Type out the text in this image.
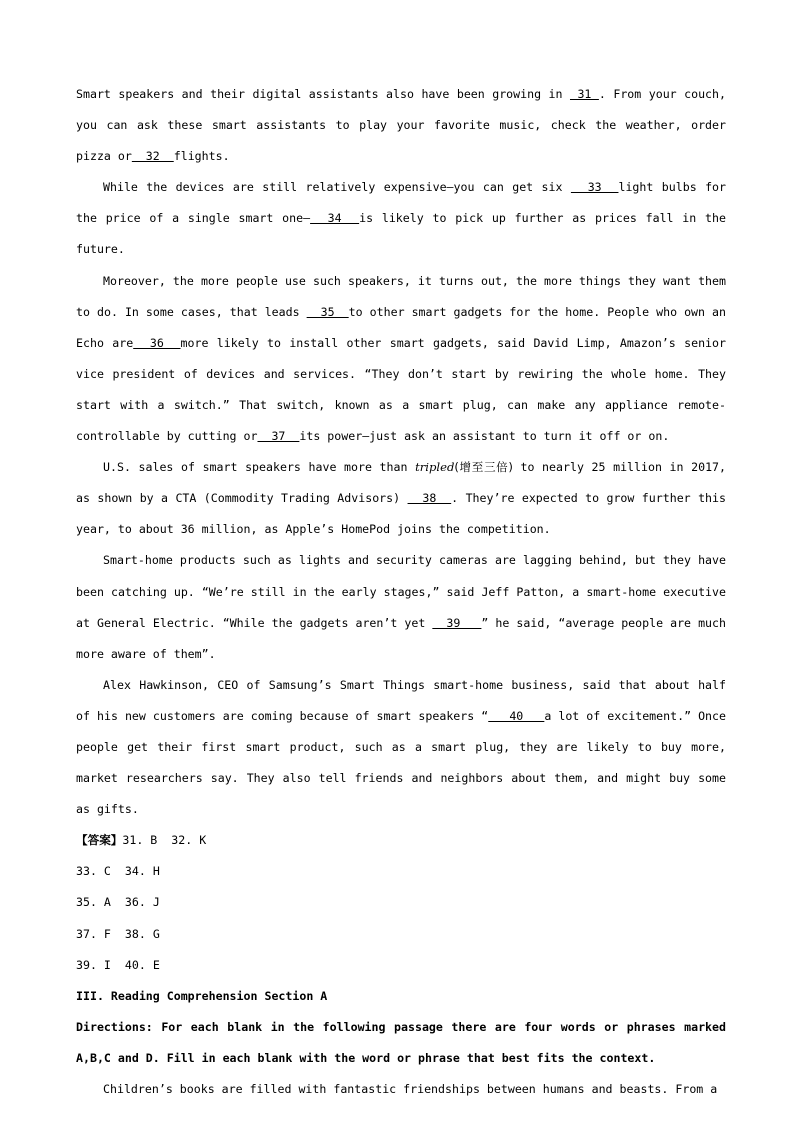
Smart speakers and their digital assistants also have been growing in  31 . From your couch, you can ask these smart assistants to play your favorite music, check the weather, order pizza or  32  flights.

While the devices are still relatively expensive—you can get six   33  light bulbs for the price of a single smart one—  34  is likely to pick up further as prices fall in the future.

Moreover, the more people use such speakers, it turns out, the more things they want them to do. In some cases, that leads   35  to other smart gadgets for the home. People who own an Echo are  36  more likely to install other smart gadgets, said David Limp, Amazon’s senior vice president of devices and services. “They don’t start by rewiring the whole home. They start with a switch.” That switch, known as a smart plug, can make any appliance remote-controllable by cutting or  37  its power—just ask an assistant to turn it off or on.

U.S. sales of smart speakers have more than tripled(增至三倍) to nearly 25 million in 2017, as shown by a CTA (Commodity Trading Advisors)   38  . They’re expected to grow further this year, to about 36 million, as Apple’s HomePod joins the competition.

Smart-home products such as lights and security cameras are lagging behind, but they have been catching up. “We’re still in the early stages,” said Jeff Patton, a smart-home executive at General Electric. “While the gadgets aren’t yet   39   ” he said, “average people are much more aware of them”.

Alex Hawkinson, CEO of Samsung’s Smart Things smart-home business, said that about half of his new customers are coming because of smart speakers “   40   a lot of excitement.” Once people get their first smart product, such as a smart plug, they are likely to buy more, market researchers say. They also tell friends and neighbors about them, and might buy some as gifts.

【答案】31. B 32. K

33. C 34. H

35. A 36. J

37. F 38. G

39. I 40. E

III. Reading Comprehension Section A

Directions: For each blank in the following passage there are four words or phrases marked A,B,C and D. Fill in each blank with the word or phrase that best fits the context.

Children’s books are filled with fantastic friendships between humans and beasts. From a
